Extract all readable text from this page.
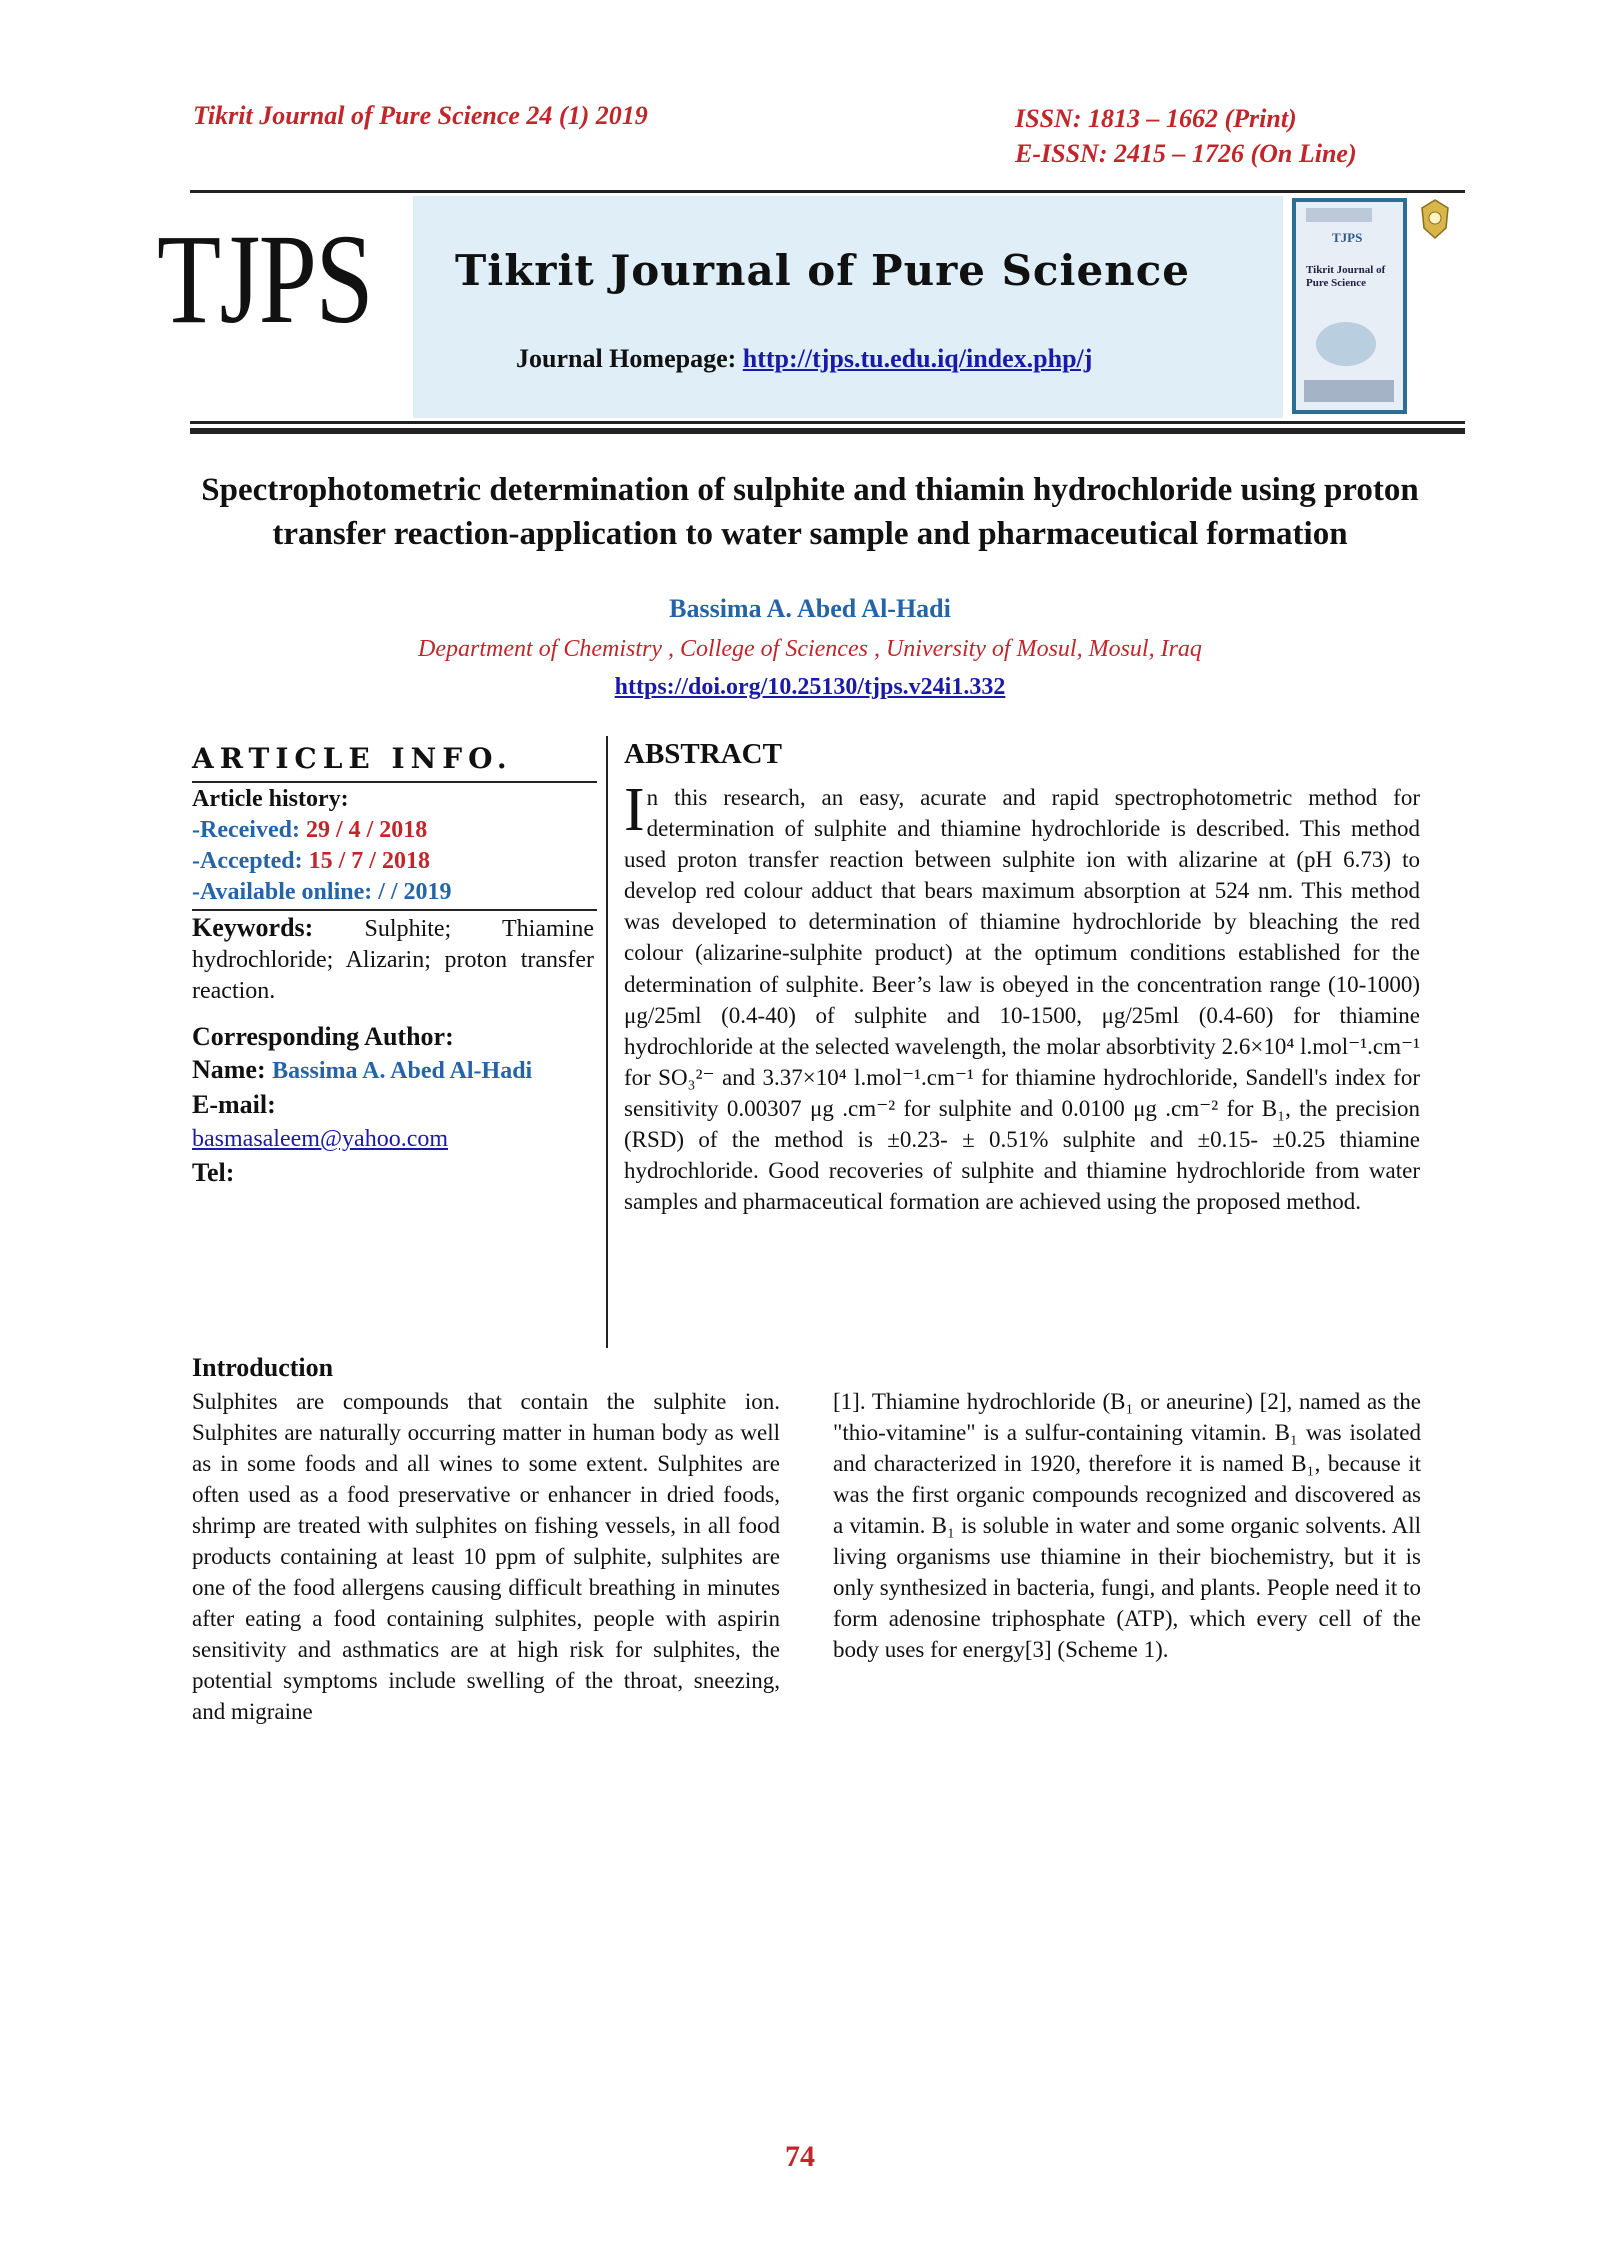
Tikrit Journal of Pure Science 24 (1) 2019	ISSN: 1813 – 1662 (Print)
E-ISSN: 2415 – 1726 (On Line)
TJPS Tikrit Journal of Pure Science
Journal Homepage: http://tjps.tu.edu.iq/index.php/j
TJPS
Tikrit Journal of Pure Science
Spectrophotometric determination of sulphite and thiamin hydrochloride using proton transfer reaction-application to water sample and pharmaceutical formation
Bassima A. Abed Al-Hadi
Department of Chemistry , College of Sciences , University of Mosul, Mosul, Iraq
https://doi.org/10.25130/tjps.v24i1.332
ARTICLE INFO.
Article history:
-Received: 29 / 4 / 2018
-Accepted: 15 / 7 / 2018
-Available online: / / 2019
Keywords: Sulphite; Thiamine hydrochloride; Alizarin; proton transfer reaction.
Corresponding Author:
Name: Bassima A. Abed Al-Hadi
E-mail:
basmasaleem@yahoo.com
Tel:
ABSTRACT
In this research, an easy, acurate and rapid spectrophotometric method for determination of sulphite and thiamine hydrochloride is described. This method used proton transfer reaction between sulphite ion with alizarine at (pH 6.73) to develop red colour adduct that bears maximum absorption at 524 nm. This method was developed to determination of thiamine hydrochloride by bleaching the red colour (alizarine-sulphite product) at the optimum conditions established for the determination of sulphite. Beer’s law is obeyed in the concentration range (10-1000) μg/25ml (0.4-40) of sulphite and 10-1500, μg/25ml (0.4-60) for thiamine hydrochloride at the selected wavelength, the molar absorbtivity 2.6×10⁴ l.mol⁻¹.cm⁻¹ for SO₃²⁻ and 3.37×10⁴ l.mol⁻¹.cm⁻¹ for thiamine hydrochloride, Sandell's index for sensitivity 0.00307 μg .cm⁻² for sulphite and 0.0100 μg .cm⁻² for B₁, the precision (RSD) of the method is ±0.23- ± 0.51% sulphite and ±0.15- ±0.25 thiamine hydrochloride. Good recoveries of sulphite and thiamine hydrochloride from water samples and pharmaceutical formation are achieved using the proposed method.
Introduction
Sulphites are compounds that contain the sulphite ion. Sulphites are naturally occurring matter in human body as well as in some foods and all wines to some extent. Sulphites are often used as a food preservative or enhancer in dried foods, shrimp are treated with sulphites on fishing vessels, in all food products containing at least 10 ppm of sulphite, sulphites are one of the food allergens causing difficult breathing in minutes after eating a food containing sulphites, people with aspirin sensitivity and asthmatics are at high risk for sulphites, the potential symptoms include swelling of the throat, sneezing, and migraine
[1]. Thiamine hydrochloride (B₁ or aneurine) [2], named as the "thio-vitamine" is a sulfur-containing vitamin. B₁ was isolated and characterized in 1920, therefore it is named B₁, because it was the first organic compounds recognized and discovered as a vitamin. B₁ is soluble in water and some organic solvents. All living organisms use thiamine in their biochemistry, but it is only synthesized in bacteria, fungi, and plants. People need it to form adenosine triphosphate (ATP), which every cell of the body uses for energy[3] (Scheme 1).
74
